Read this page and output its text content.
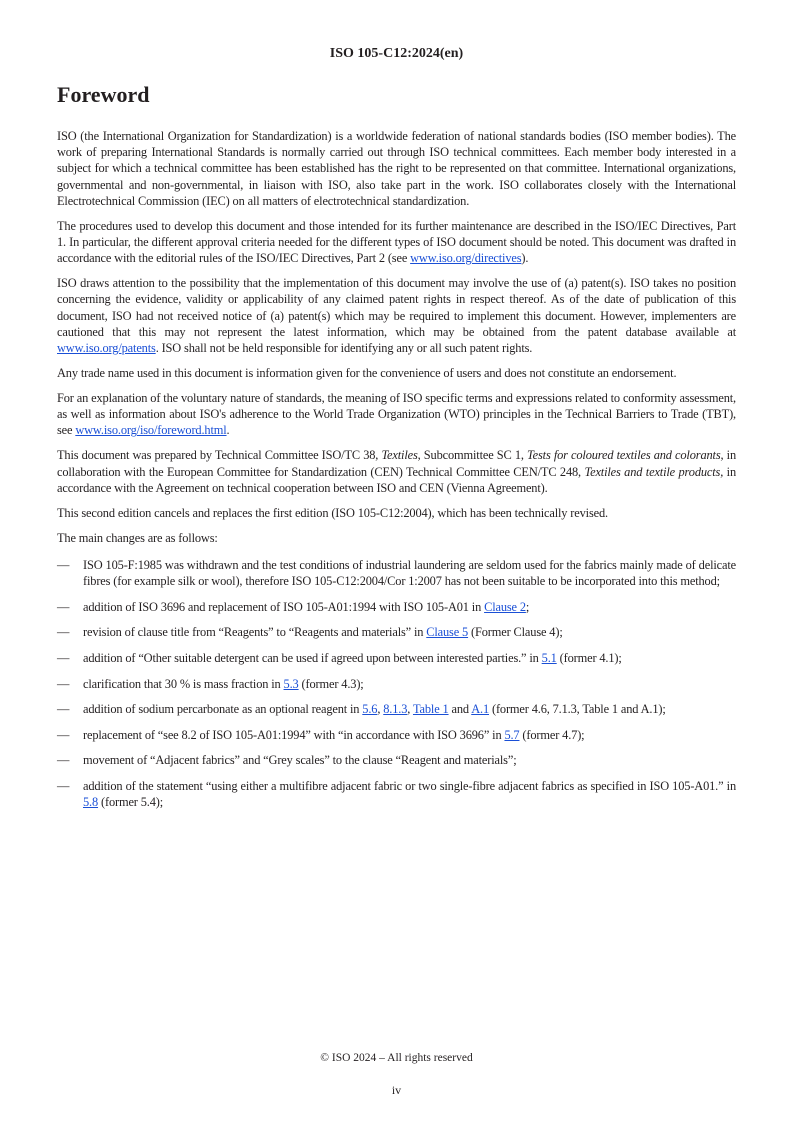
ISO 105-C12:2024(en)
Foreword

ISO (the International Organization for Standardization) is a worldwide federation of national standards bodies (ISO member bodies). The work of preparing International Standards is normally carried out through ISO technical committees. Each member body interested in a subject for which a technical committee has been established has the right to be represented on that committee. International organizations, governmental and non-governmental, in liaison with ISO, also take part in the work. ISO collaborates closely with the International Electrotechnical Commission (IEC) on all matters of electrotechnical standardization.

The procedures used to develop this document and those intended for its further maintenance are described in the ISO/IEC Directives, Part 1. In particular, the different approval criteria needed for the different types of ISO document should be noted. This document was drafted in accordance with the editorial rules of the ISO/IEC Directives, Part 2 (see www.iso.org/directives).

ISO draws attention to the possibility that the implementation of this document may involve the use of (a) patent(s). ISO takes no position concerning the evidence, validity or applicability of any claimed patent rights in respect thereof. As of the date of publication of this document, ISO had not received notice of (a) patent(s) which may be required to implement this document. However, implementers are cautioned that this may not represent the latest information, which may be obtained from the patent database available at www.iso.org/patents. ISO shall not be held responsible for identifying any or all such patent rights.

Any trade name used in this document is information given for the convenience of users and does not constitute an endorsement.

For an explanation of the voluntary nature of standards, the meaning of ISO specific terms and expressions related to conformity assessment, as well as information about ISO's adherence to the World Trade Organization (WTO) principles in the Technical Barriers to Trade (TBT), see www.iso.org/iso/foreword.html.

This document was prepared by Technical Committee ISO/TC 38, Textiles, Subcommittee SC 1, Tests for coloured textiles and colorants, in collaboration with the European Committee for Standardization (CEN) Technical Committee CEN/TC 248, Textiles and textile products, in accordance with the Agreement on technical cooperation between ISO and CEN (Vienna Agreement).

This second edition cancels and replaces the first edition (ISO 105-C12:2004), which has been technically revised.

The main changes are as follows:

— ISO 105-F:1985 was withdrawn and the test conditions of industrial laundering are seldom used for the fabrics mainly made of delicate fibres (for example silk or wool), therefore ISO 105-C12:2004/Cor 1:2007 has not been suitable to be incorporated into this method;
— addition of ISO 3696 and replacement of ISO 105-A01:1994 with ISO 105-A01 in Clause 2;
— revision of clause title from “Reagents” to “Reagents and materials” in Clause 5 (Former Clause 4);
— addition of “Other suitable detergent can be used if agreed upon between interested parties.” in 5.1 (former 4.1);
— clarification that 30 % is mass fraction in 5.3 (former 4.3);
— addition of sodium percarbonate as an optional reagent in 5.6, 8.1.3, Table 1 and A.1 (former 4.6, 7.1.3, Table 1 and A.1);
— replacement of “see 8.2 of ISO 105-A01:1994” with “in accordance with ISO 3696” in 5.7 (former 4.7);
— movement of “Adjacent fabrics” and “Grey scales” to the clause “Reagent and materials”;
— addition of the statement “using either a multifibre adjacent fabric or two single-fibre adjacent fabrics as specified in ISO 105-A01.” in 5.8 (former 5.4);
© ISO 2024 – All rights reserved
iv
